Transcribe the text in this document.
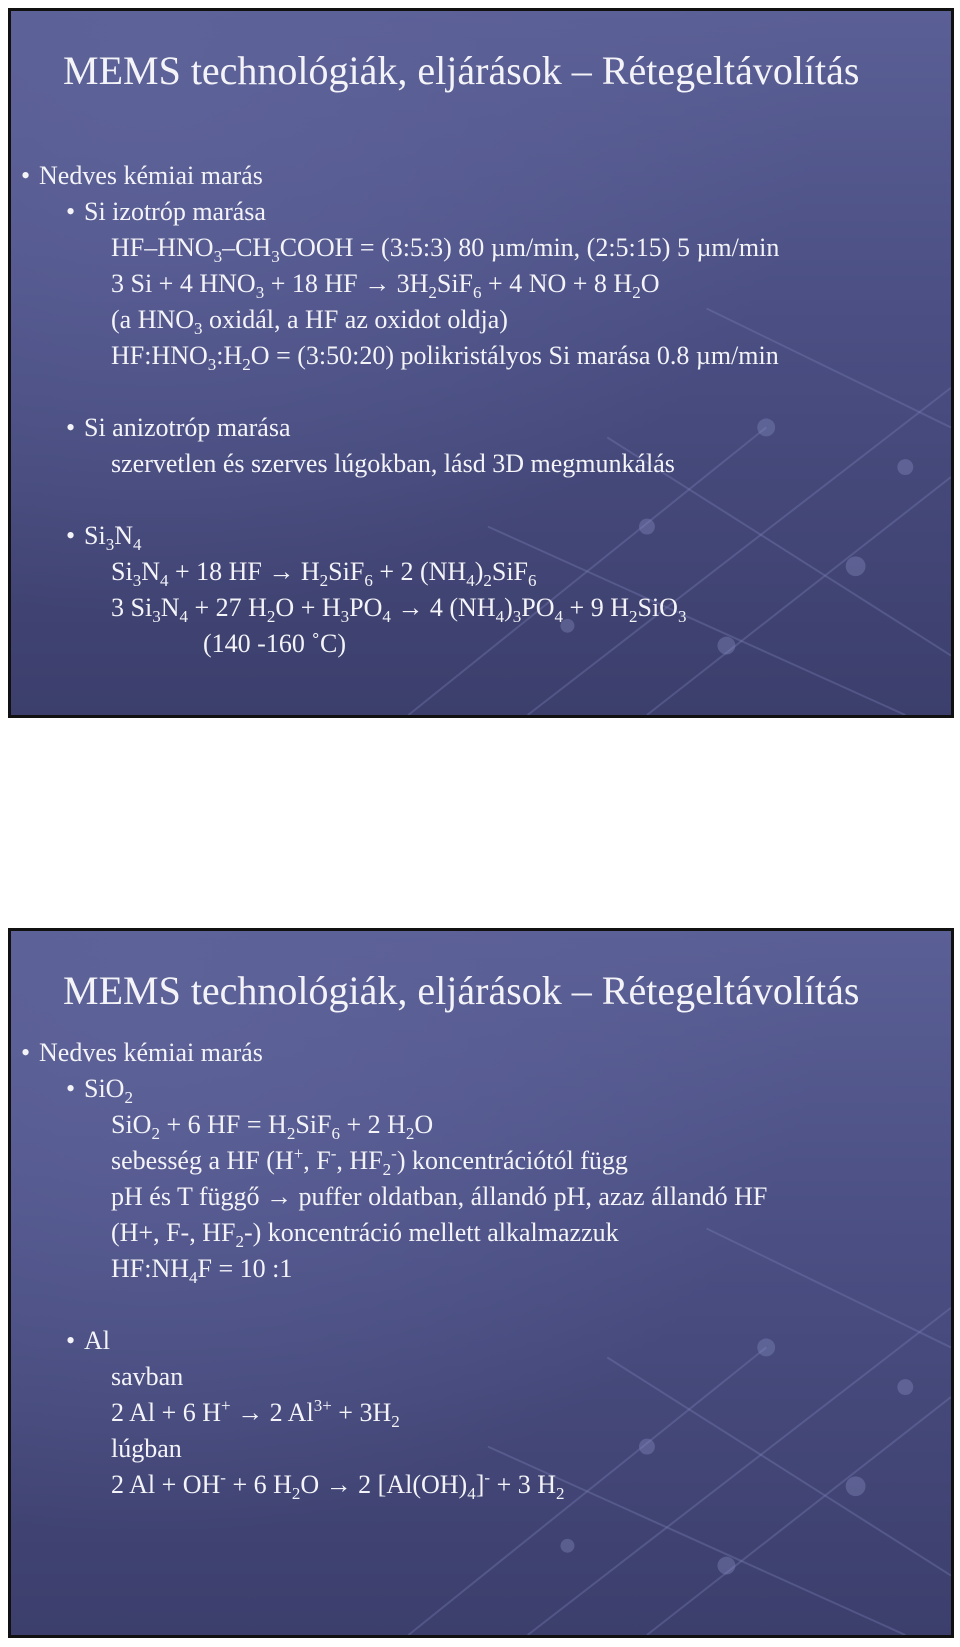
MEMS technológiák, eljárások – Rétegeltávolítás
• Nedves kémiai marás
• Si izotróp marása
$HF-HNO_3-CH_3COOH$ = (3:5:3) 80 µm/min, (2:5:15) 5 µm/min
3 Si + 4 $HNO_3 + 18$ HF → $3H_2SiF_6 + 4$ NO + 8 $H_2O$
(a $HNO_3$ oxidál, a HF az oxidot oldja)
$HF:HNO_3:H_2O$ = (3:50:20) polikristályos Si marása 0.8 µm/min
• Si anizotróp marása
szervetlen és szerves lúgokban, lásd 3D megmunkálás
• $Si_3N_4$
$Si_3N_4 + 18$ HF → $H_2SiF_6 + 2$ $(NH_4)_2SiF_6$
3 $Si_3N_4 + 27$ $H_2O + H_3PO_4 \to 4$ $(NH_4)_3PO_4 + 9$ $H_2SiO_3$
(140 -160 ˚C)
MEMS technológiák, eljárások – Rétegeltávolítás
• Nedves kémiai marás
• SiO$_2$
SiO$_2$ + 6 HF = $H_2SiF_6 + 2$ $H_2O$
sebesség a HF (H+, F-, $HF_2^-$) koncentrációtól függ
pH és T függő → puffer oldatban, állandó pH, azaz állandó HF
(H+, F-, $HF_2-$) koncentráció mellett alkalmazzuk
$HF:NH_4F = 10$ :1
• Al
savban
2 Al + 6 H+ → 2 $Al^{3+} + 3H_2$
lúgban
2 Al + OH- + 6 $H_2O \to 2$ $[Al(OH)_4]^- + 3$ $H_2$
